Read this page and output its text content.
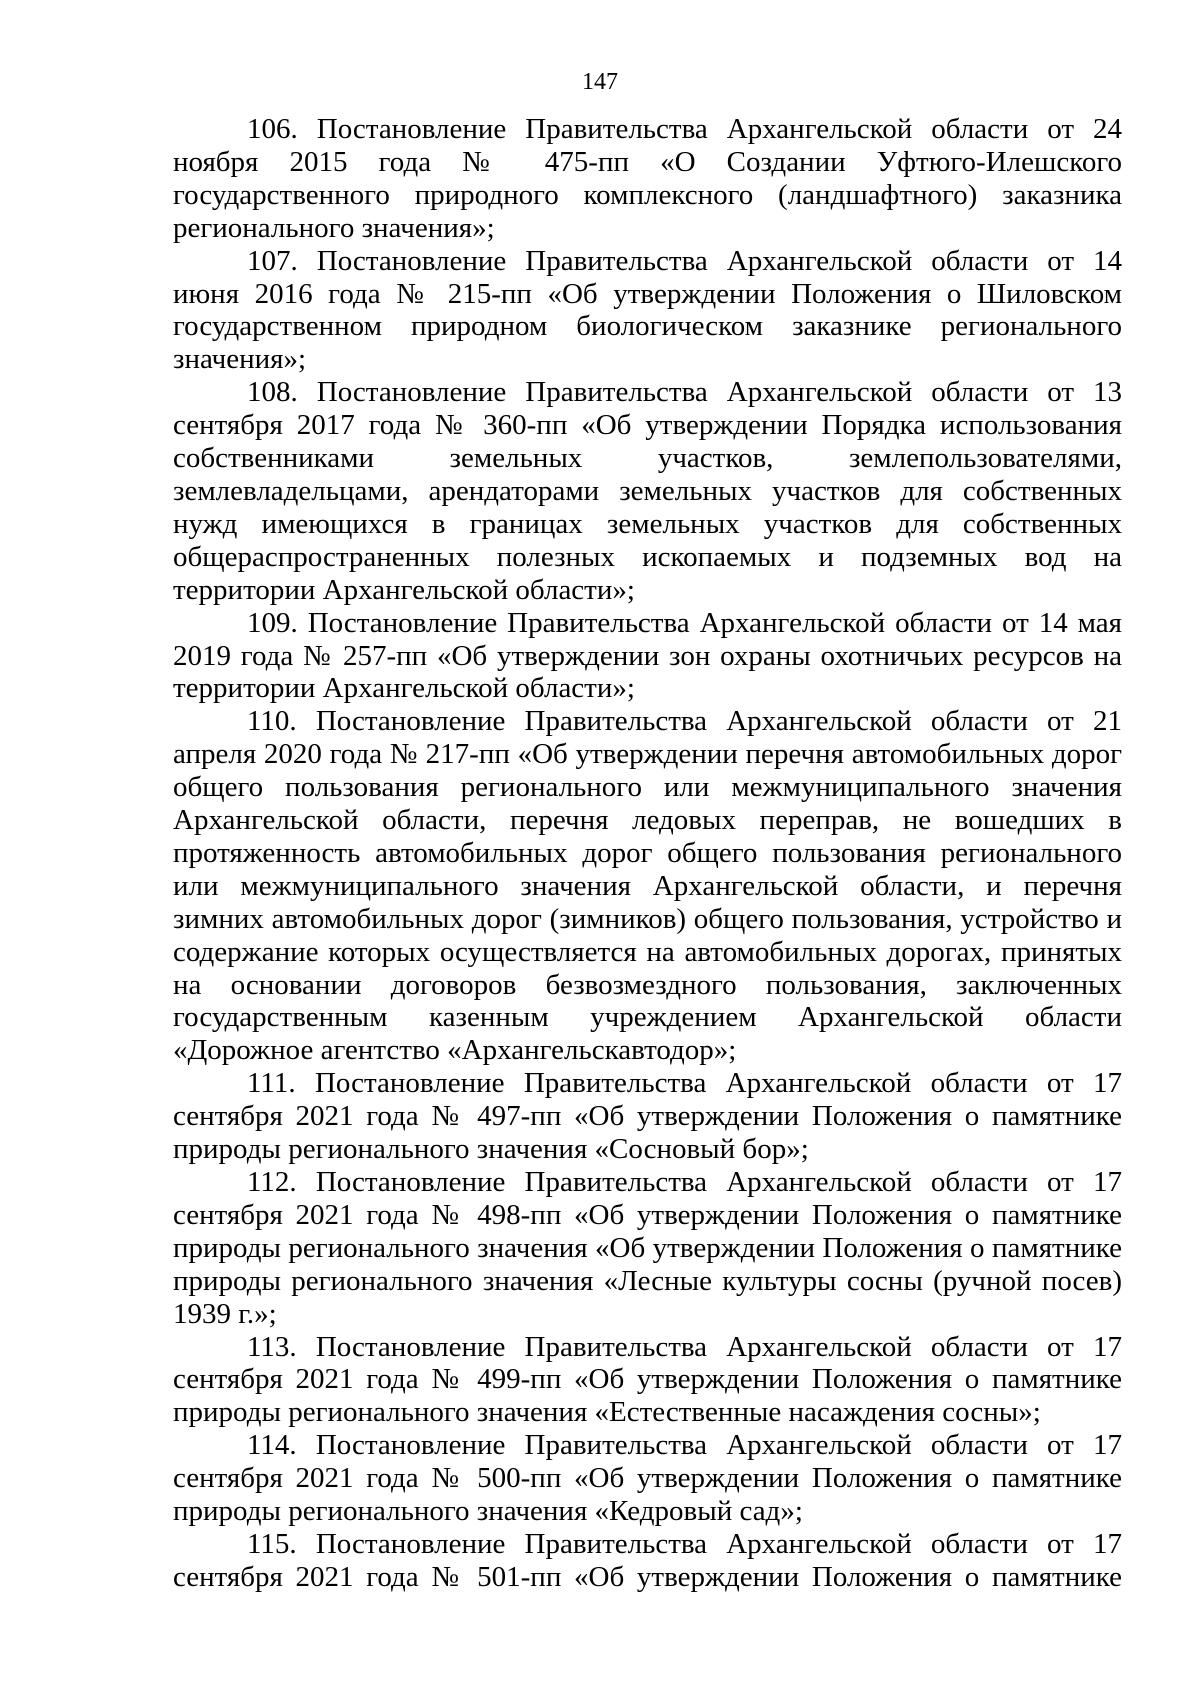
147

106. Постановление Правительства Архангельской области от 24 ноября 2015 года № 475-пп «О Создании Уфтюго-Илешского государственного природного комплексного (ландшафтного) заказника регионального значения»;

107. Постановление Правительства Архангельской области от 14 июня 2016 года № 215-пп «Об утверждении Положения о Шиловском государственном природном биологическом заказнике регионального значения»;

108. Постановление Правительства Архангельской области от 13 сентября 2017 года № 360-пп «Об утверждении Порядка использования собственниками земельных участков, землепользователями, землевладельцами, арендаторами земельных участков для собственных нужд имеющихся в границах земельных участков для собственных общераспространенных полезных ископаемых и подземных вод на территории Архангельской области»;

109. Постановление Правительства Архангельской области от 14 мая 2019 года № 257-пп «Об утверждении зон охраны охотничьих ресурсов на территории Архангельской области»;

110. Постановление Правительства Архангельской области от 21 апреля 2020 года № 217-пп «Об утверждении перечня автомобильных дорог общего пользования регионального или межмуниципального значения Архангельской области, перечня ледовых переправ, не вошедших в протяженность автомобильных дорог общего пользования регионального или межмуниципального значения Архангельской области, и перечня зимних автомобильных дорог (зимников) общего пользования, устройство и содержание которых осуществляется на автомобильных дорогах, принятых на основании договоров безвозмездного пользования, заключенных государственным казенным учреждением Архангельской области «Дорожное агентство «Архангельскавтодор»;

111. Постановление Правительства Архангельской области от 17 сентября 2021 года № 497-пп «Об утверждении Положения о памятнике природы регионального значения «Сосновый бор»;

112. Постановление Правительства Архангельской области от 17 сентября 2021 года № 498-пп «Об утверждении Положения о памятнике природы регионального значения «Об утверждении Положения о памятнике природы регионального значения «Лесные культуры сосны (ручной посев) 1939 г.»;

113. Постановление Правительства Архангельской области от 17 сентября 2021 года № 499-пп «Об утверждении Положения о памятнике природы регионального значения «Естественные насаждения сосны»;

114. Постановление Правительства Архангельской области от 17 сентября 2021 года № 500-пп «Об утверждении Положения о памятнике природы регионального значения «Кедровый сад»;

115. Постановление Правительства Архангельской области от 17 сентября 2021 года № 501-пп «Об утверждении Положения о памятнике
